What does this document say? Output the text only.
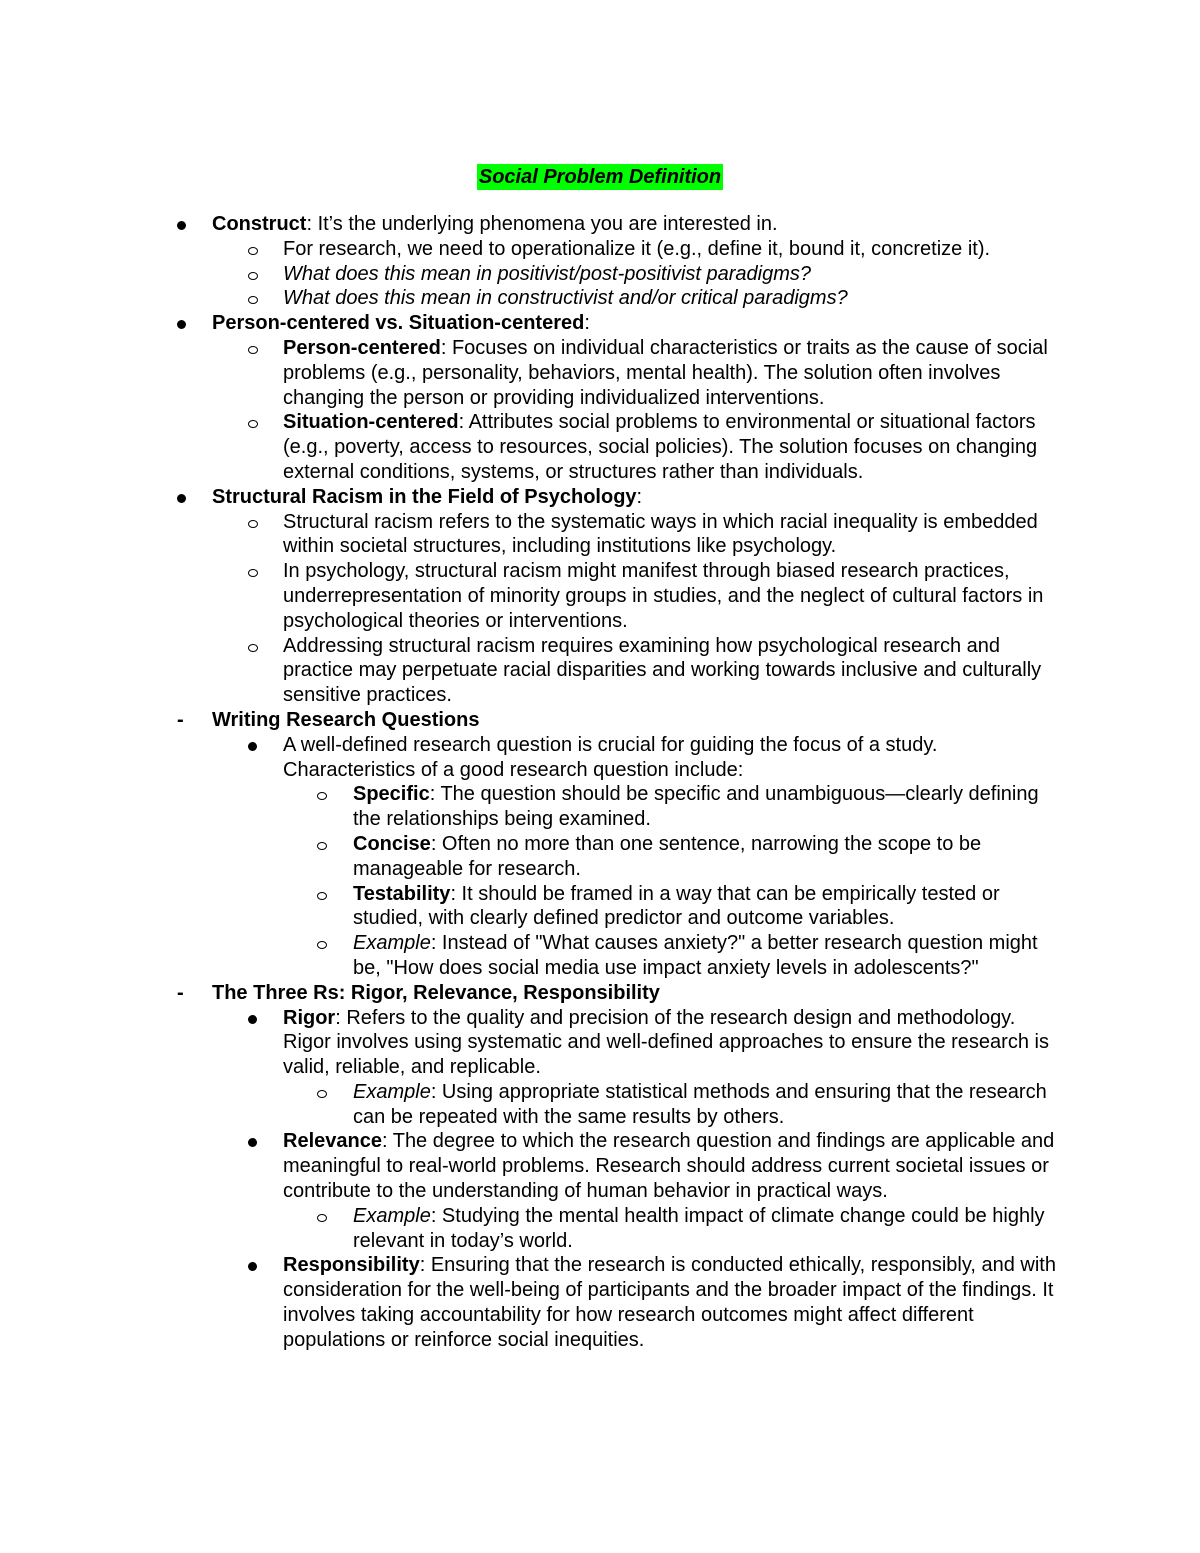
Social Problem Definition
Construct: It’s the underlying phenomena you are interested in.
For research, we need to operationalize it (e.g., define it, bound it, concretize it).
What does this mean in positivist/post-positivist paradigms?
What does this mean in constructivist and/or critical paradigms?
Person-centered vs. Situation-centered:
Person-centered: Focuses on individual characteristics or traits as the cause of social problems (e.g., personality, behaviors, mental health). The solution often involves changing the person or providing individualized interventions.
Situation-centered: Attributes social problems to environmental or situational factors (e.g., poverty, access to resources, social policies). The solution focuses on changing external conditions, systems, or structures rather than individuals.
Structural Racism in the Field of Psychology:
Structural racism refers to the systematic ways in which racial inequality is embedded within societal structures, including institutions like psychology.
In psychology, structural racism might manifest through biased research practices, underrepresentation of minority groups in studies, and the neglect of cultural factors in psychological theories or interventions.
Addressing structural racism requires examining how psychological research and practice may perpetuate racial disparities and working towards inclusive and culturally sensitive practices.
- Writing Research Questions
A well-defined research question is crucial for guiding the focus of a study. Characteristics of a good research question include:
Specific: The question should be specific and unambiguous—clearly defining the relationships being examined.
Concise: Often no more than one sentence, narrowing the scope to be manageable for research.
Testability: It should be framed in a way that can be empirically tested or studied, with clearly defined predictor and outcome variables.
Example: Instead of "What causes anxiety?" a better research question might be, "How does social media use impact anxiety levels in adolescents?"
- The Three Rs: Rigor, Relevance, Responsibility
Rigor: Refers to the quality and precision of the research design and methodology. Rigor involves using systematic and well-defined approaches to ensure the research is valid, reliable, and replicable.
Example: Using appropriate statistical methods and ensuring that the research can be repeated with the same results by others.
Relevance: The degree to which the research question and findings are applicable and meaningful to real-world problems. Research should address current societal issues or contribute to the understanding of human behavior in practical ways.
Example: Studying the mental health impact of climate change could be highly relevant in today’s world.
Responsibility: Ensuring that the research is conducted ethically, responsibly, and with consideration for the well-being of participants and the broader impact of the findings. It involves taking accountability for how research outcomes might affect different populations or reinforce social inequities.
